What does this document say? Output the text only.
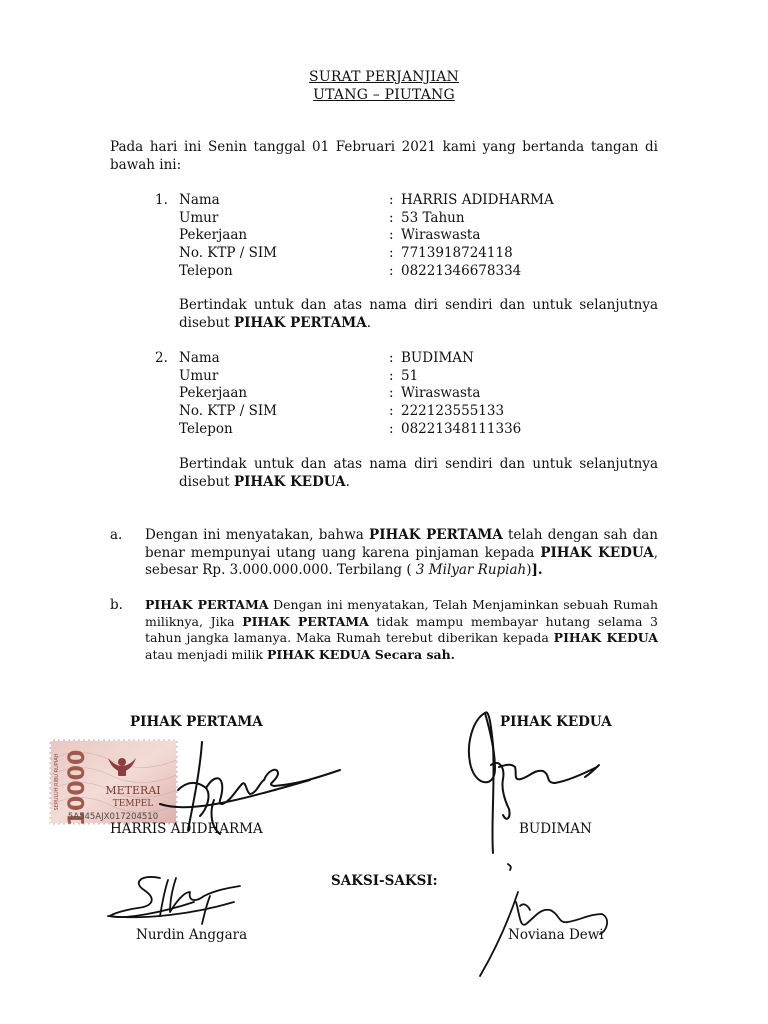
SURAT PERJANJIAN
UTANG – PIUTANG
Pada hari ini Senin tanggal 01 Februari 2021 kami yang bertanda tangan di bawah ini:
1. Nama	: HARRIS ADIDHARMA
Umur	: 53 Tahun
Pekerjaan	: Wiraswasta
No. KTP / SIM	: 7713918724118
Telepon	: 08221346678334
Bertindak untuk dan atas nama diri sendiri dan untuk selanjutnya disebut PIHAK PERTAMA.
2. Nama	: BUDIMAN
Umur	: 51
Pekerjaan	: Wiraswasta
No. KTP / SIM	: 222123555133
Telepon	: 08221348111336
Bertindak untuk dan atas nama diri sendiri dan untuk selanjutnya disebut PIHAK KEDUA.
a. Dengan ini menyatakan, bahwa PIHAK PERTAMA telah dengan sah dan benar mempunyai utang uang karena pinjaman kepada PIHAK KEDUA, sebesar Rp. 3.000.000.000. Terbilang ( 3 Milyar Rupiah)].
b. PIHAK PERTAMA Dengan ini menyatakan, Telah Menjaminkan sebuah Rumah miliknya, Jika PIHAK PERTAMA tidak mampu membayar hutang selama 3 tahun jangka lamanya. Maka Rumah terebut diberikan kepada PIHAK KEDUA atau menjadi milik PIHAK KEDUA Secara sah.
PIHAK PERTAMA	PIHAK KEDUA
SEPULUH RIBU RUPIAH 10000 METERAI
TEMPEL
5A545AJX017204510
HARRIS ADIDHARMA	BUDIMAN
SAKSI-SAKSI:
Nurdin Anggara	Noviana Dewi
